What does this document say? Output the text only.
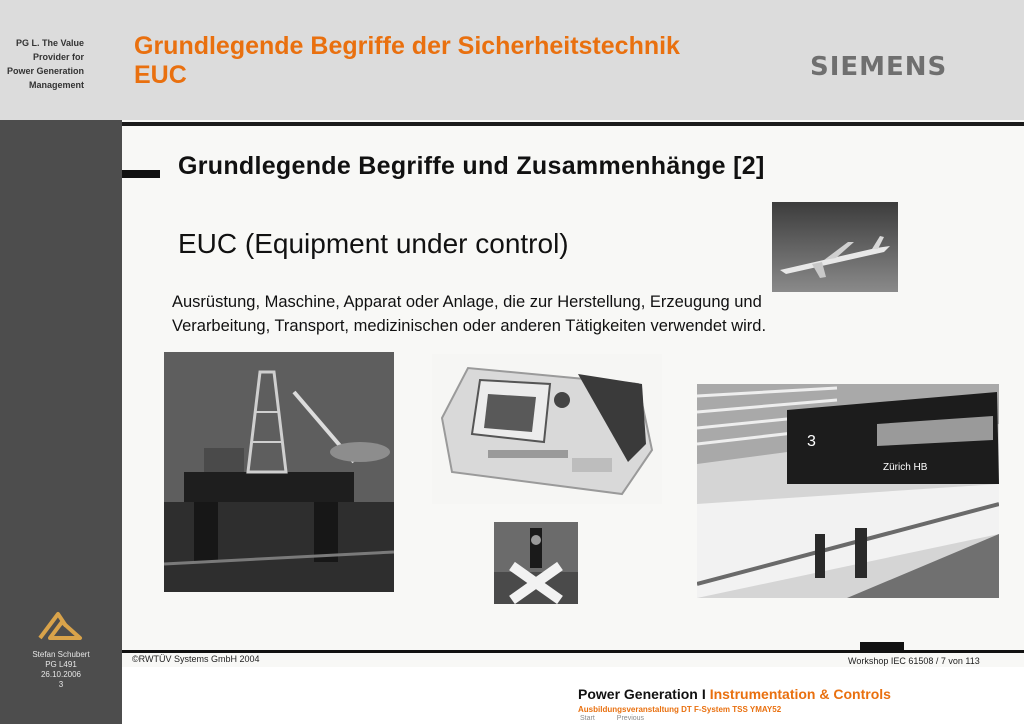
PG L. The Value
Provider for
Power Generation
Management
Grundlegende Begriffe der Sicherheitstechnik
EUC	SIEMENS
Stefan Schubert
PG L491
26.10.2006
3
Grundlegende Begriffe und Zusammenhänge [2]
EUC (Equipment under control)
Ausrüstung, Maschine, Apparat oder Anlage, die zur Herstellung, Erzeugung und
Verarbeitung, Transport, medizinischen oder anderen Tätigkeiten verwendet wird.
3
Zürich HB
©RWTÜV Systems GmbH 2004	Workshop IEC 61508 / 7 von 113
Power Generation I Instrumentation & Controls
Ausbildungsveranstaltung DT F-System TSS YMAY52
Start	Previous
